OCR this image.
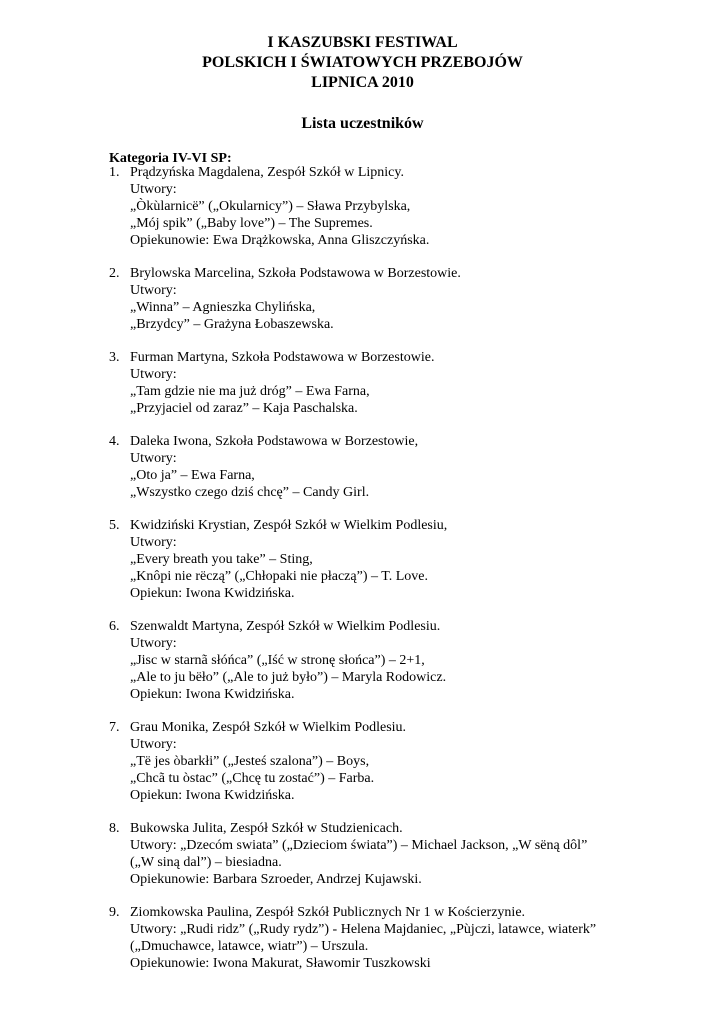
I KASZUBSKI FESTIWAL
POLSKICH I ŚWIATOWYCH PRZEBOJÓW
LIPNICA 2010
Lista uczestników
Kategoria IV-VI SP:
1. Prądzyńska Magdalena, Zespół Szkół w Lipnicy.
Utwory:
„Òkùlarnicë” („Okularnicy”) – Sława Przybylska,
„Mój spik” („Baby love”) – The Supremes.
Opiekunowie: Ewa Drążkowska, Anna Gliszczyńska.
2. Brylowska Marcelina, Szkoła Podstawowa w Borzestowie.
Utwory:
„Winna” – Agnieszka Chylińska,
„Brzydcy” – Grażyna Łobaszewska.
3. Furman Martyna, Szkoła Podstawowa w Borzestowie.
Utwory:
„Tam gdzie nie ma już dróg” – Ewa Farna,
„Przyjaciel od zaraz” – Kaja Paschalska.
4. Daleka Iwona, Szkoła Podstawowa w Borzestowie,
Utwory:
„Oto ja” – Ewa Farna,
„Wszystko czego dziś chcę” – Candy Girl.
5. Kwidziński Krystian, Zespół Szkół w Wielkim Podlesiu,
Utwory:
„Every breath you take” – Sting,
„Knôpi nie rëczą” („Chłopaki nie płaczą”) – T. Love.
Opiekun: Iwona Kwidzińska.
6. Szenwaldt Martyna, Zespół Szkół w Wielkim Podlesiu.
Utwory:
„Jisc w starnã słóńca” („Iść w stronę słońca”) – 2+1,
„Ale to ju bëło” („Ale to już było”) – Maryla Rodowicz.
Opiekun: Iwona Kwidzińska.
7. Grau Monika, Zespół Szkół w Wielkim Podlesiu.
Utwory:
„Të jes òbarkłi” („Jesteś szalona”) – Boys,
„Chcã tu òstac” („Chcę tu zostać”) – Farba.
Opiekun: Iwona Kwidzińska.
8. Bukowska Julita, Zespół Szkół w Studzienicach.
Utwory: „Dzecóm swiata” („Dzieciom świata”) – Michael Jackson, „W sëną dôl”
(„W siną dal”) – biesiadna.
Opiekunowie: Barbara Szroeder, Andrzej Kujawski.
9. Ziomkowska Paulina, Zespół Szkół Publicznych Nr 1 w Kościerzynie.
Utwory: „Rudi ridz” („Rudy rydz”) - Helena Majdaniec, „Pùjczi, latawce, wiaterk”
(„Dmuchawce, latawce, wiatr”) – Urszula.
Opiekunowie: Iwona Makurat, Sławomir Tuszkowski
